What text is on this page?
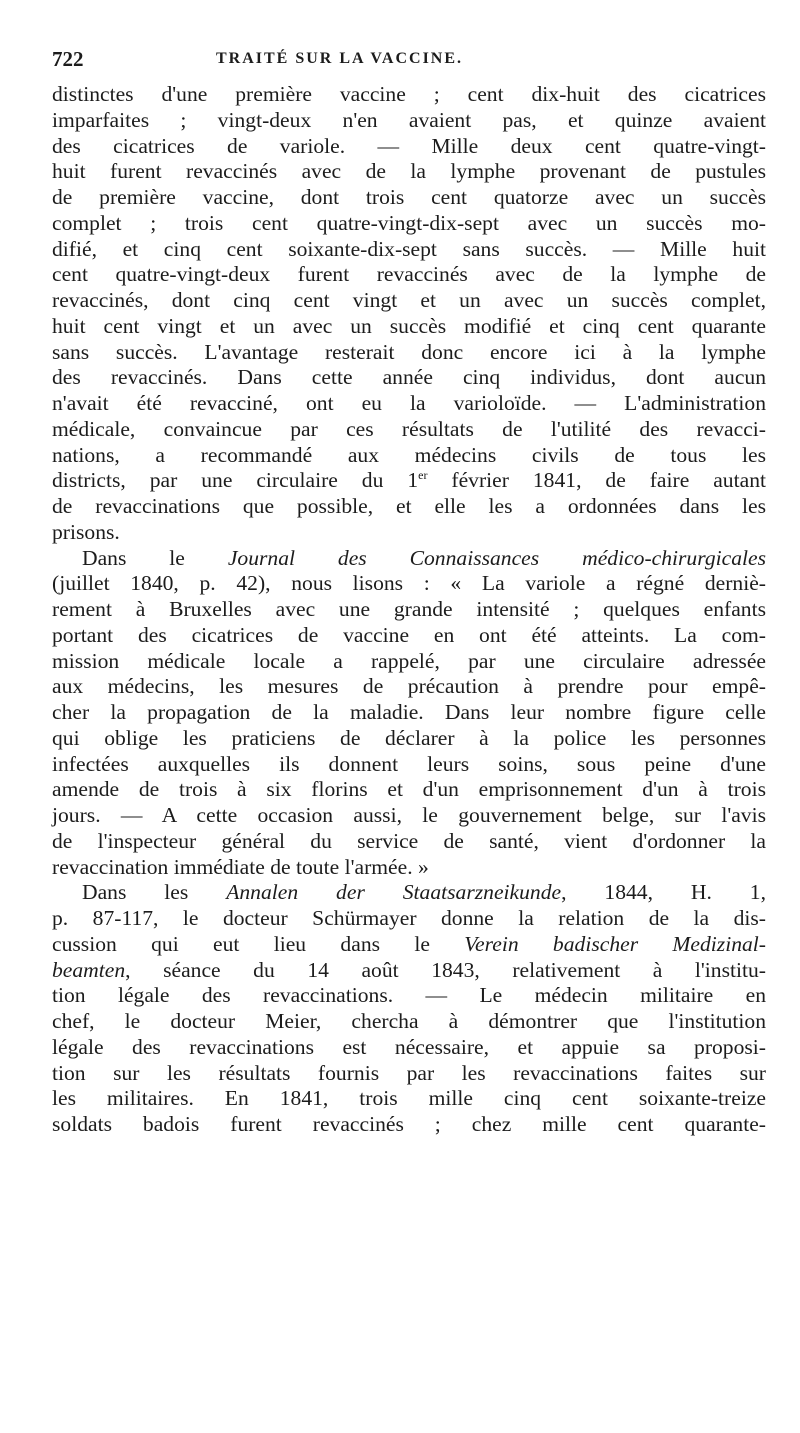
722	TRAITÉ SUR LA VACCINE.
distinctes d'une première vaccine ; cent dix-huit des cicatrices
imparfaites ; vingt-deux n'en avaient pas, et quinze avaient
des cicatrices de variole. — Mille deux cent quatre-vingt-
huit furent revaccinés avec de la lymphe provenant de pustules
de première vaccine, dont trois cent quatorze avec un succès
complet ; trois cent quatre-vingt-dix-sept avec un succès mo-
difié, et cinq cent soixante-dix-sept sans succès. — Mille huit
cent quatre-vingt-deux furent revaccinés avec de la lymphe de
revaccinés, dont cinq cent vingt et un avec un succès complet,
huit cent vingt et un avec un succès modifié et cinq cent quarante
sans succès. L'avantage resterait donc encore ici à la lymphe
des revaccinés. Dans cette année cinq individus, dont aucun
n'avait été revacciné, ont eu la varioloïde. — L'administration
médicale, convaincue par ces résultats de l'utilité des revacci-
nations, a recommandé aux médecins civils de tous les
districts, par une circulaire du 1er février 1841, de faire autant
de revaccinations que possible, et elle les a ordonnées dans les
prisons.
Dans le Journal des Connaissances médico-chirurgicales
(juillet 1840, p. 42), nous lisons : « La variole a régné derniè-
rement à Bruxelles avec une grande intensité ; quelques enfants
portant des cicatrices de vaccine en ont été atteints. La com-
mission médicale locale a rappelé, par une circulaire adressée
aux médecins, les mesures de précaution à prendre pour empê-
cher la propagation de la maladie. Dans leur nombre figure celle
qui oblige les praticiens de déclarer à la police les personnes
infectées auxquelles ils donnent leurs soins, sous peine d'une
amende de trois à six florins et d'un emprisonnement d'un à trois
jours. — A cette occasion aussi, le gouvernement belge, sur l'avis
de l'inspecteur général du service de santé, vient d'ordonner la
revaccination immédiate de toute l'armée. »
Dans les Annalen der Staatsarzneikunde, 1844, H. 1,
p. 87-117, le docteur Schürmayer donne la relation de la dis-
cussion qui eut lieu dans le Verein badischer Medizinal-
beamten, séance du 14 août 1843, relativement à l'institu-
tion légale des revaccinations. — Le médecin militaire en
chef, le docteur Meier, chercha à démontrer que l'institution
légale des revaccinations est nécessaire, et appuie sa proposi-
tion sur les résultats fournis par les revaccinations faites sur
les militaires. En 1841, trois mille cinq cent soixante-treize
soldats badois furent revaccinés ; chez mille cent quarante-
